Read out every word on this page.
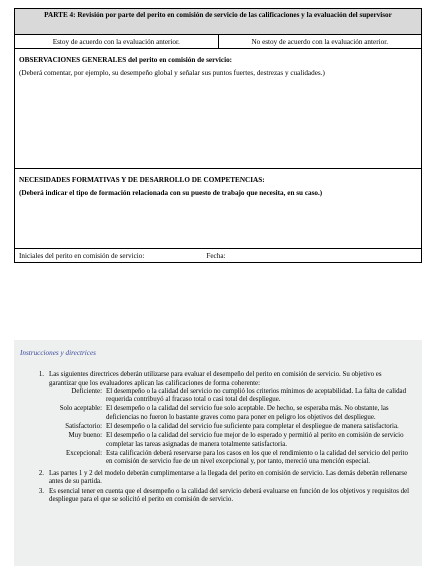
PARTE 4: Revisión por parte del perito en comisión de servicio de las calificaciones y la evaluación del supervisor
Estoy de acuerdo con la evaluación anterior.	No estoy de acuerdo con la evaluación anterior.
OBSERVACIONES GENERALES del perito en comisión de servicio:
(Deberá comentar, por ejemplo, su desempeño global y señalar sus puntos fuertes, destrezas y cualidades.)
NECESIDADES FORMATIVAS Y DE DESARROLLO DE COMPETENCIAS:
(Deberá indicar el tipo de formación relacionada con su puesto de trabajo que necesita, en su caso.)
Iniciales del perito en comisión de servicio:	Fecha:
Instrucciones y directrices
1. Las siguientes directrices deberán utilizarse para evaluar el desempeño del perito en comisión de servicio. Su objetivo es garantizar que los evaluadores aplican las calificaciones de forma coherente:
Deficiente: El desempeño o la calidad del servicio no cumplió los criterios mínimos de aceptabilidad. La falta de calidad requerida contribuyó al fracaso total o casi total del despliegue.
Solo aceptable: El desempeño o la calidad del servicio fue solo aceptable. De hecho, se esperaba más. No obstante, las deficiencias no fueron lo bastante graves como para poner en peligro los objetivos del despliegue.
Satisfactorio: El desempeño o la calidad del servicio fue suficiente para completar el despliegue de manera satisfactoria.
Muy bueno: El desempeño o la calidad del servicio fue mejor de lo esperado y permitió al perito en comisión de servicio completar las tareas asignadas de manera totalmente satisfactoria.
Excepcional: Esta calificación deberá reservarse para los casos en los que el rendimiento o la calidad del servicio del perito en comisión de servicio fue de un nivel excepcional y, por tanto, mereció una mención especial.
2. Las partes 1 y 2 del modelo deberán cumplimentarse a la llegada del perito en comisión de servicio. Las demás deberán rellenarse antes de su partida.
3. Es esencial tener en cuenta que el desempeño o la calidad del servicio deberá evaluarse en función de los objetivos y requisitos del despliegue para el que se solicitó el perito en comisión de servicio.
